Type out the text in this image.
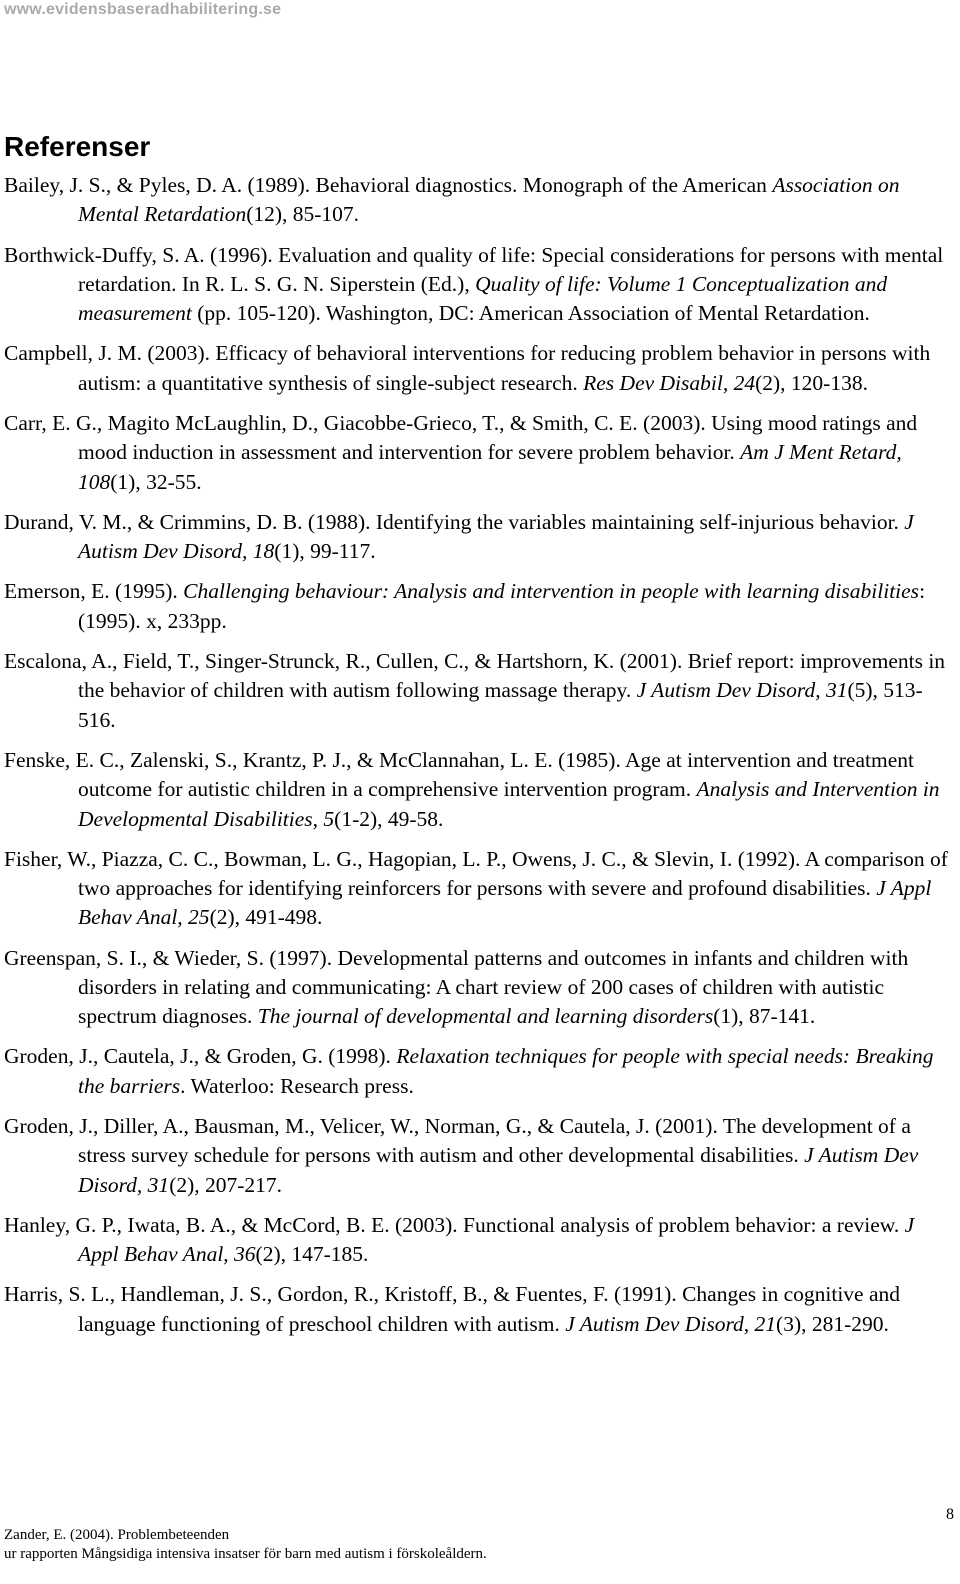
www.evidensbaseradhabilitering.se
Referenser

Bailey, J. S., & Pyles, D. A. (1989). Behavioral diagnostics. Monograph of the American Association on Mental Retardation(12), 85-107.

Borthwick-Duffy, S. A. (1996). Evaluation and quality of life: Special considerations for persons with mental retardation. In R. L. S. G. N. Siperstein (Ed.), Quality of life: Volume 1 Conceptualization and measurement (pp. 105-120). Washington, DC: American Association of Mental Retardation.

Campbell, J. M. (2003). Efficacy of behavioral interventions for reducing problem behavior in persons with autism: a quantitative synthesis of single-subject research. Res Dev Disabil, 24(2), 120-138.

Carr, E. G., Magito McLaughlin, D., Giacobbe-Grieco, T., & Smith, C. E. (2003). Using mood ratings and mood induction in assessment and intervention for severe problem behavior. Am J Ment Retard, 108(1), 32-55.

Durand, V. M., & Crimmins, D. B. (1988). Identifying the variables maintaining self-injurious behavior. J Autism Dev Disord, 18(1), 99-117.

Emerson, E. (1995). Challenging behaviour: Analysis and intervention in people with learning disabilities: (1995). x, 233pp.

Escalona, A., Field, T., Singer-Strunck, R., Cullen, C., & Hartshorn, K. (2001). Brief report: improvements in the behavior of children with autism following massage therapy. J Autism Dev Disord, 31(5), 513-516.

Fenske, E. C., Zalenski, S., Krantz, P. J., & McClannahan, L. E. (1985). Age at intervention and treatment outcome for autistic children in a comprehensive intervention program. Analysis and Intervention in Developmental Disabilities, 5(1-2), 49-58.

Fisher, W., Piazza, C. C., Bowman, L. G., Hagopian, L. P., Owens, J. C., & Slevin, I. (1992). A comparison of two approaches for identifying reinforcers for persons with severe and profound disabilities. J Appl Behav Anal, 25(2), 491-498.

Greenspan, S. I., & Wieder, S. (1997). Developmental patterns and outcomes in infants and children with disorders in relating and communicating: A chart review of 200 cases of children with autistic spectrum diagnoses. The journal of developmental and learning disorders(1), 87-141.

Groden, J., Cautela, J., & Groden, G. (1998). Relaxation techniques for people with special needs: Breaking the barriers. Waterloo: Research press.

Groden, J., Diller, A., Bausman, M., Velicer, W., Norman, G., & Cautela, J. (2001). The development of a stress survey schedule for persons with autism and other developmental disabilities. J Autism Dev Disord, 31(2), 207-217.

Hanley, G. P., Iwata, B. A., & McCord, B. E. (2003). Functional analysis of problem behavior: a review. J Appl Behav Anal, 36(2), 147-185.

Harris, S. L., Handleman, J. S., Gordon, R., Kristoff, B., & Fuentes, F. (1991). Changes in cognitive and language functioning of preschool children with autism. J Autism Dev Disord, 21(3), 281-290.

8
Zander, E. (2004). Problembeteenden
ur rapporten Mångsidiga intensiva insatser för barn med autism i förskoleåldern.
